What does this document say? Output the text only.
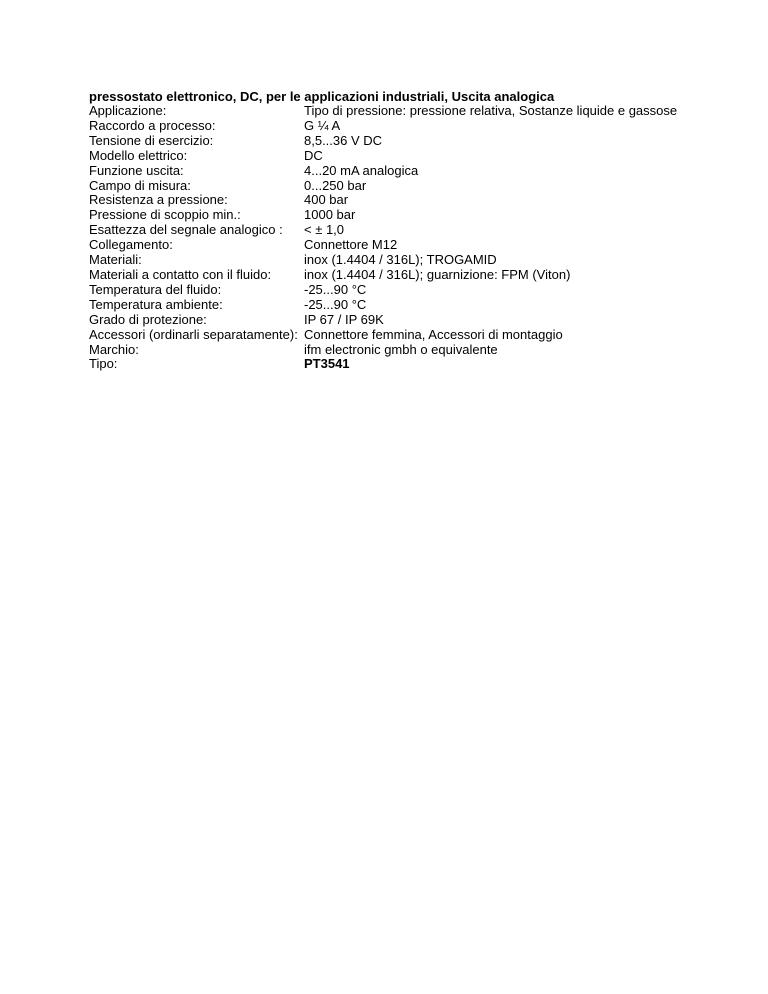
pressostato elettronico, DC, per le applicazioni industriali, Uscita analogica

Applicazione:	Tipo di pressione: pressione relativa, Sostanze liquide e gassose
Raccordo a processo:	G ¼ A
Tensione di esercizio:	8,5...36 V DC
Modello elettrico:	DC
Funzione uscita:	4...20 mA analogica
Campo di misura:	0...250 bar
Resistenza a pressione:	400 bar
Pressione di scoppio min.:	1000 bar
Esattezza del segnale analogico :	< ± 1,0
Collegamento:	Connettore M12
Materiali:	inox (1.4404 / 316L); TROGAMID
Materiali a contatto con il fluido:	inox (1.4404 / 316L); guarnizione: FPM (Viton)
Temperatura del fluido:	-25...90 °C
Temperatura ambiente:	-25...90 °C
Grado di protezione:	IP 67 / IP 69K
Accessori (ordinarli separatamente):	Connettore femmina, Accessori di montaggio
Marchio:	ifm electronic gmbh o equivalente
Tipo:	PT3541
